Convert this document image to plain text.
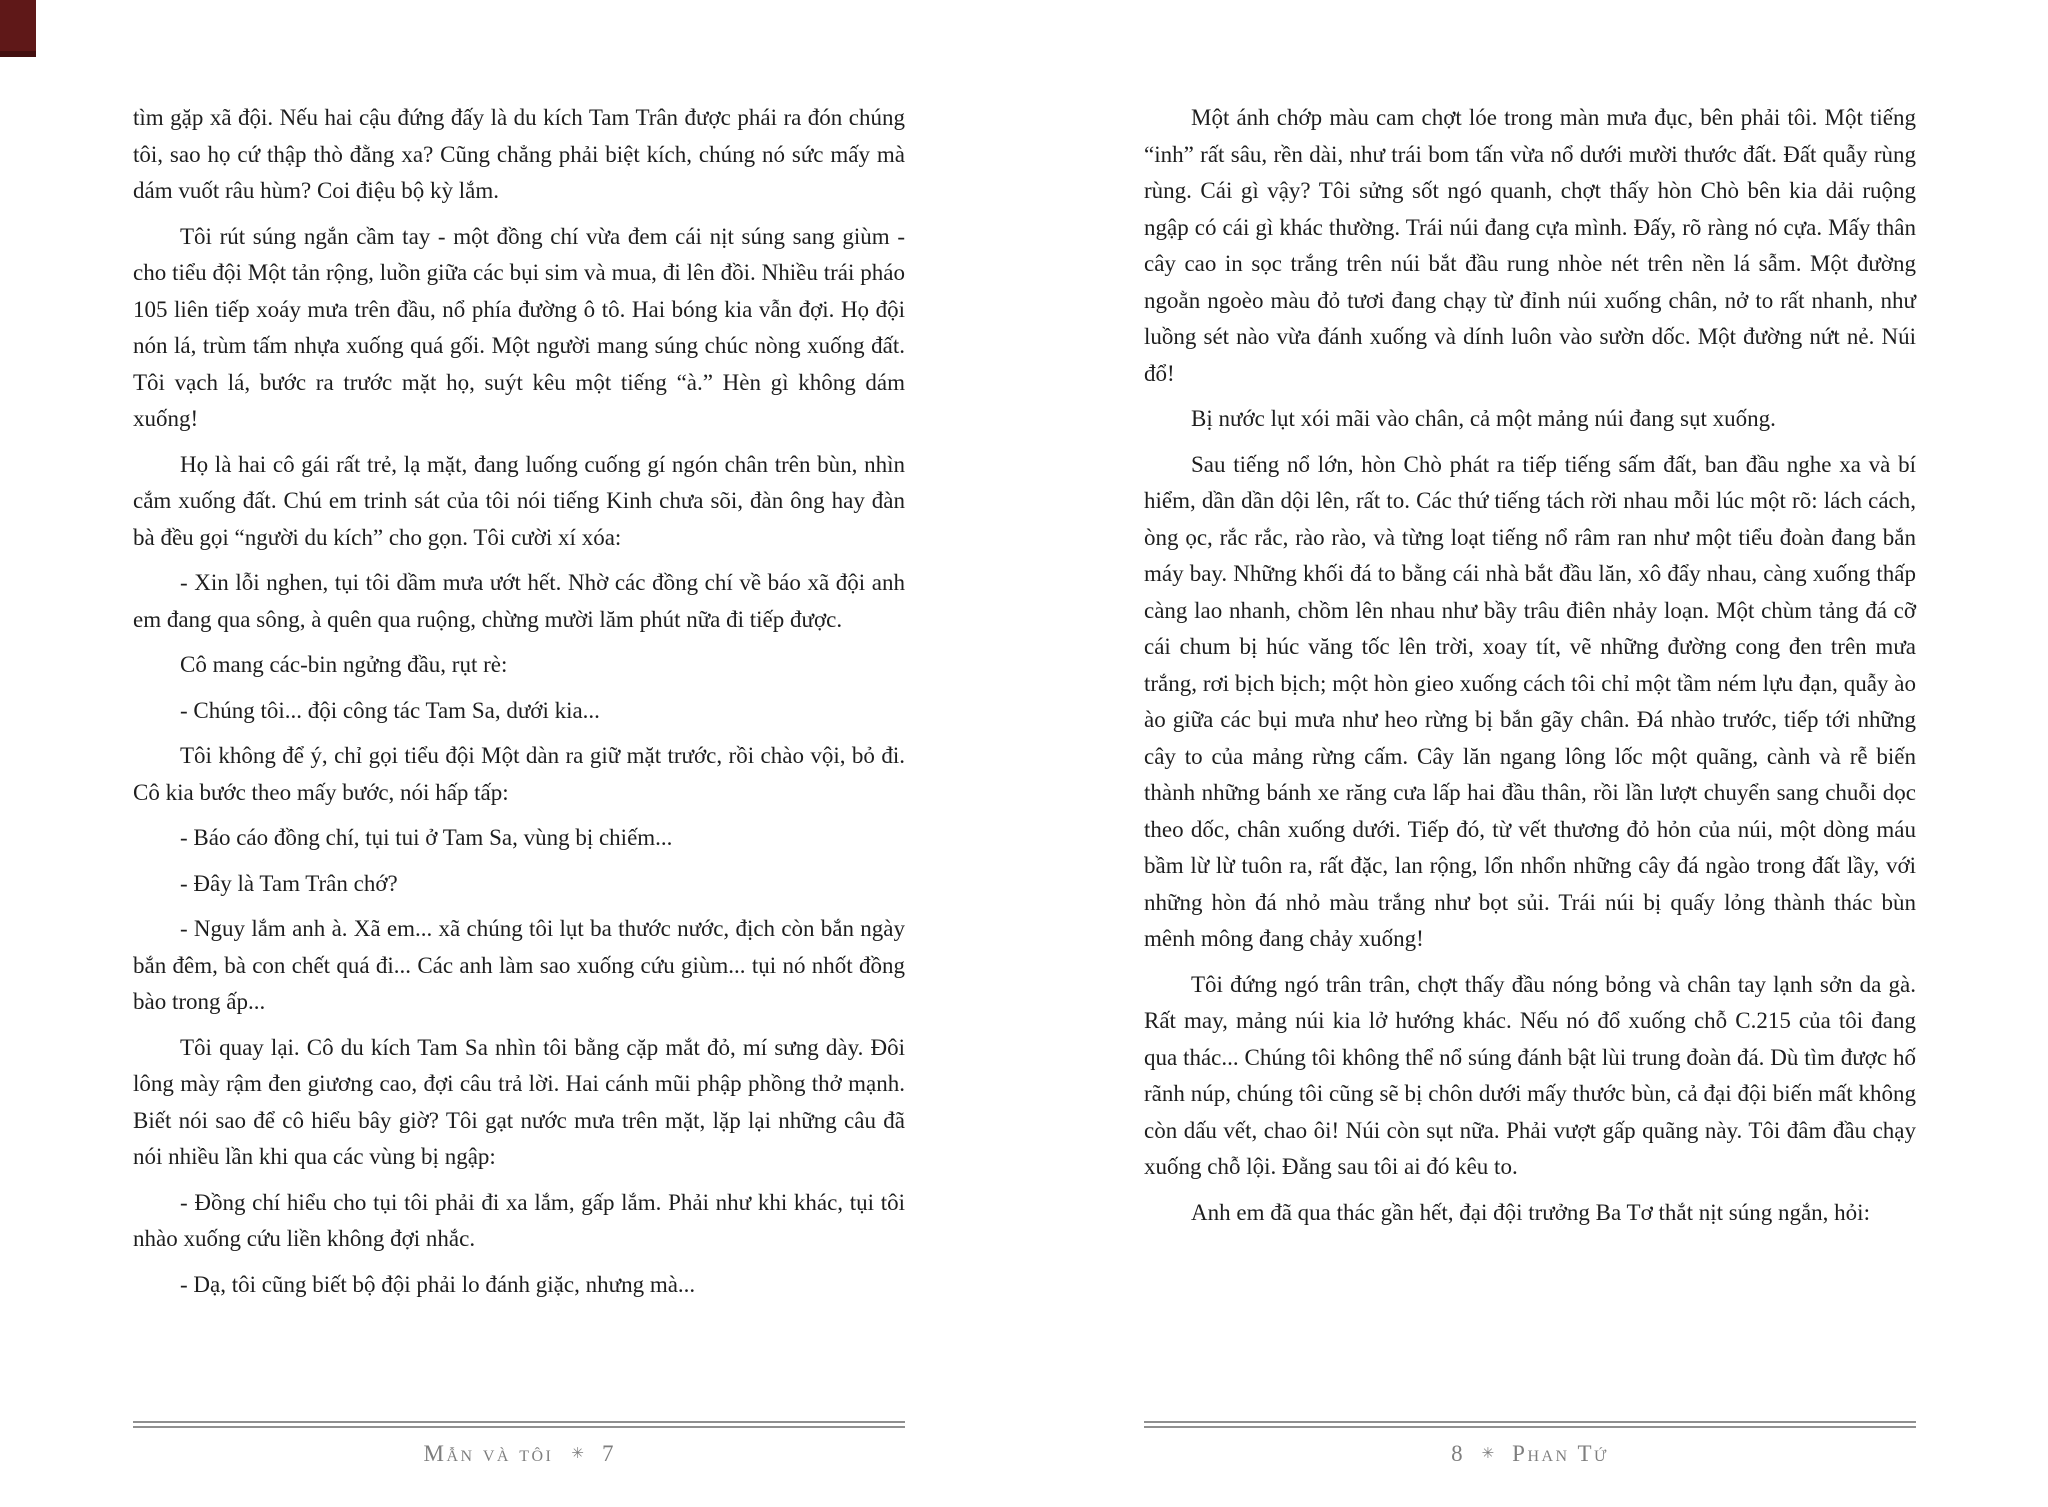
tìm gặp xã đội. Nếu hai cậu đứng đấy là du kích Tam Trân được phái ra đón chúng tôi, sao họ cứ thập thò đằng xa? Cũng chẳng phải biệt kích, chúng nó sức mấy mà dám vuốt râu hùm? Coi điệu bộ kỳ lắm.

Tôi rút súng ngắn cầm tay - một đồng chí vừa đem cái nịt súng sang giùm - cho tiểu đội Một tản rộng, luồn giữa các bụi sim và mua, đi lên đồi. Nhiều trái pháo 105 liên tiếp xoáy mưa trên đầu, nổ phía đường ô tô. Hai bóng kia vẫn đợi. Họ đội nón lá, trùm tấm nhựa xuống quá gối. Một người mang súng chúc nòng xuống đất. Tôi vạch lá, bước ra trước mặt họ, suýt kêu một tiếng “à.” Hèn gì không dám xuống!

Họ là hai cô gái rất trẻ, lạ mặt, đang luống cuống gí ngón chân trên bùn, nhìn cắm xuống đất. Chú em trinh sát của tôi nói tiếng Kinh chưa sõi, đàn ông hay đàn bà đều gọi “người du kích” cho gọn. Tôi cười xí xóa:

- Xin lỗi nghen, tụi tôi dầm mưa ướt hết. Nhờ các đồng chí về báo xã đội anh em đang qua sông, à quên qua ruộng, chừng mười lăm phút nữa đi tiếp được.

Cô mang các-bin ngửng đầu, rụt rè:

- Chúng tôi... đội công tác Tam Sa, dưới kia...

Tôi không để ý, chỉ gọi tiểu đội Một dàn ra giữ mặt trước, rồi chào vội, bỏ đi. Cô kia bước theo mấy bước, nói hấp tấp:

- Báo cáo đồng chí, tụi tui ở Tam Sa, vùng bị chiếm...

- Đây là Tam Trân chớ?

- Nguy lắm anh à. Xã em... xã chúng tôi lụt ba thước nước, địch còn bắn ngày bắn đêm, bà con chết quá đi... Các anh làm sao xuống cứu giùm... tụi nó nhốt đồng bào trong ấp...

Tôi quay lại. Cô du kích Tam Sa nhìn tôi bằng cặp mắt đỏ, mí sưng dày. Đôi lông mày rậm đen giương cao, đợi câu trả lời. Hai cánh mũi phập phồng thở mạnh. Biết nói sao để cô hiểu bây giờ? Tôi gạt nước mưa trên mặt, lặp lại những câu đã nói nhiều lần khi qua các vùng bị ngập:

- Đồng chí hiểu cho tụi tôi phải đi xa lắm, gấp lắm. Phải như khi khác, tụi tôi nhào xuống cứu liền không đợi nhắc.

- Dạ, tôi cũng biết bộ đội phải lo đánh giặc, nhưng mà...

Mẫn và tôi ✳ 7

Một ánh chớp màu cam chợt lóe trong màn mưa đục, bên phải tôi. Một tiếng “inh” rất sâu, rền dài, như trái bom tấn vừa nổ dưới mười thước đất. Đất quẫy rùng rùng. Cái gì vậy? Tôi sửng sốt ngó quanh, chợt thấy hòn Chò bên kia dải ruộng ngập có cái gì khác thường. Trái núi đang cựa mình. Đấy, rõ ràng nó cựa. Mấy thân cây cao in sọc trắng trên núi bắt đầu rung nhòe nét trên nền lá sẫm. Một đường ngoằn ngoèo màu đỏ tươi đang chạy từ đỉnh núi xuống chân, nở to rất nhanh, như luồng sét nào vừa đánh xuống và dính luôn vào sườn dốc. Một đường nứt nẻ. Núi đổ!

Bị nước lụt xói mãi vào chân, cả một mảng núi đang sụt xuống.

Sau tiếng nổ lớn, hòn Chò phát ra tiếp tiếng sấm đất, ban đầu nghe xa và bí hiểm, dần dần dội lên, rất to. Các thứ tiếng tách rời nhau mỗi lúc một rõ: lách cách, òng ọc, rắc rắc, rào rào, và từng loạt tiếng nổ râm ran như một tiểu đoàn đang bắn máy bay. Những khối đá to bằng cái nhà bắt đầu lăn, xô đẩy nhau, càng xuống thấp càng lao nhanh, chồm lên nhau như bầy trâu điên nhảy loạn. Một chùm tảng đá cỡ cái chum bị húc văng tốc lên trời, xoay tít, vẽ những đường cong đen trên mưa trắng, rơi bịch bịch; một hòn gieo xuống cách tôi chỉ một tầm ném lựu đạn, quẫy ào ào giữa các bụi mưa như heo rừng bị bắn gãy chân. Đá nhào trước, tiếp tới những cây to của mảng rừng cấm. Cây lăn ngang lông lốc một quãng, cành và rễ biến thành những bánh xe răng cưa lấp hai đầu thân, rồi lần lượt chuyển sang chuỗi dọc theo dốc, chân xuống dưới. Tiếp đó, từ vết thương đỏ hỏn của núi, một dòng máu bầm lừ lừ tuôn ra, rất đặc, lan rộng, lổn nhổn những cây đá ngào trong đất lầy, với những hòn đá nhỏ màu trắng như bọt sủi. Trái núi bị quấy lỏng thành thác bùn mênh mông đang chảy xuống!

Tôi đứng ngó trân trân, chợt thấy đầu nóng bỏng và chân tay lạnh sởn da gà. Rất may, mảng núi kia lở hướng khác. Nếu nó đổ xuống chỗ C.215 của tôi đang qua thác... Chúng tôi không thể nổ súng đánh bật lùi trung đoàn đá. Dù tìm được hố rãnh núp, chúng tôi cũng sẽ bị chôn dưới mấy thước bùn, cả đại đội biến mất không còn dấu vết, chao ôi! Núi còn sụt nữa. Phải vượt gấp quãng này. Tôi đâm đầu chạy xuống chỗ lội. Đằng sau tôi ai đó kêu to.

Anh em đã qua thác gần hết, đại đội trưởng Ba Tơ thắt nịt súng ngắn, hỏi:

8 ✳ Phan Tứ
